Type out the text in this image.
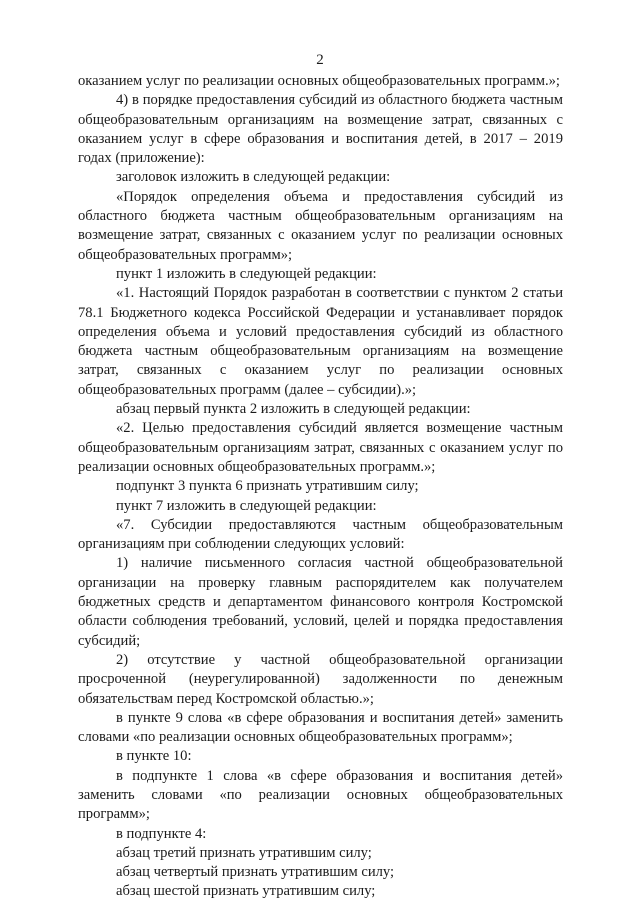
2

оказанием услуг по реализации основных общеобразовательных программ.»;

4) в порядке предоставления субсидий из областного бюджета частным общеобразовательным организациям на возмещение затрат, связанных с оказанием услуг в сфере образования и воспитания детей, в 2017 – 2019 годах (приложение):

заголовок изложить в следующей редакции:

«Порядок определения объема и предоставления субсидий из областного бюджета частным общеобразовательным организациям на возмещение затрат, связанных с оказанием услуг по реализации основных общеобразовательных программ»;

пункт 1 изложить в следующей редакции:

«1. Настоящий Порядок разработан в соответствии с пунктом 2 статьи 78.1 Бюджетного кодекса Российской Федерации и устанавливает порядок определения объема и условий предоставления субсидий из областного бюджета частным общеобразовательным организациям на возмещение затрат, связанных с оказанием услуг по реализации основных общеобразовательных программ (далее – субсидии).»;

абзац первый пункта 2 изложить в следующей редакции:

«2. Целью предоставления субсидий является возмещение частным общеобразовательным организациям затрат, связанных с оказанием услуг по реализации основных общеобразовательных программ.»;

подпункт 3 пункта 6 признать утратившим силу;

пункт 7 изложить в следующей редакции:

«7. Субсидии предоставляются частным общеобразовательным организациям при соблюдении следующих условий:

1) наличие письменного согласия частной общеобразовательной организации на проверку главным распорядителем как получателем бюджетных средств и департаментом финансового контроля Костромской области соблюдения требований, условий, целей и порядка предоставления субсидий;

2) отсутствие у частной общеобразовательной организации просроченной (неурегулированной) задолженности по денежным обязательствам перед Костромской областью.»;

в пункте 9 слова «в сфере образования и воспитания детей» заменить словами «по реализации основных общеобразовательных программ»;

в пункте 10:

в подпункте 1 слова «в сфере образования и воспитания детей» заменить словами «по реализации основных общеобразовательных программ»;

в подпункте 4:

абзац третий признать утратившим силу;

абзац четвертый признать утратившим силу;

абзац шестой признать утратившим силу;
